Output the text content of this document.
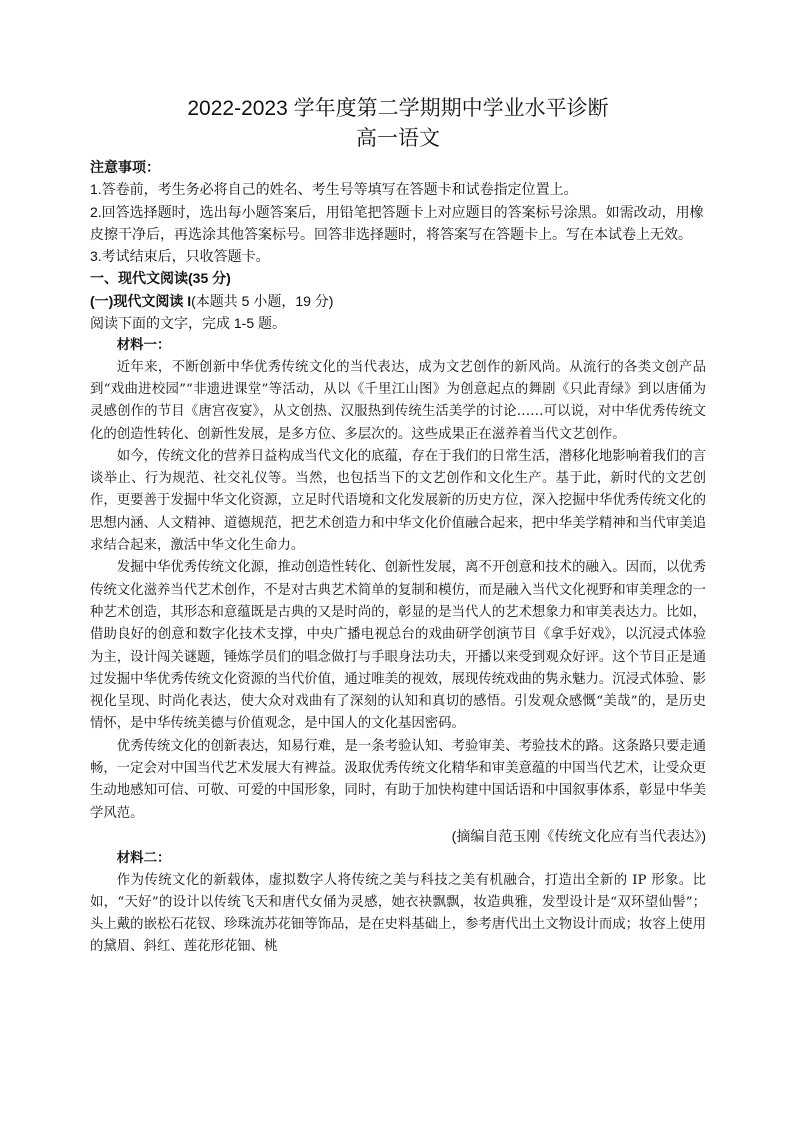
2022-2023 学年度第二学期期中学业水平诊断
高一语文

注意事项：

1.答卷前，考生务必将自己的姓名、考生号等填写在答题卡和试卷指定位置上。

2.回答选择题时，选出每小题答案后，用铅笔把答题卡上对应题目的答案标号涂黑。如需改动，用橡皮擦干净后，再选涂其他答案标号。回答非选择题时，将答案写在答题卡上。写在本试卷上无效。

3.考试结束后，只收答题卡。

一、现代文阅读(35 分)

(一)现代文阅读 I(本题共 5 小题，19 分)

阅读下面的文字，完成 1-5 题。

材料一：

近年来，不断创新中华优秀传统文化的当代表达，成为文艺创作的新风尚。从流行的各类文创产品到“戏曲进校园”“非遗进课堂”等活动，从以《千里江山图》为创意起点的舞剧《只此青绿》到以唐俑为灵感创作的节目《唐宫夜宴》，从文创热、汉服热到传统生活美学的讨论……可以说，对中华优秀传统文化的创造性转化、创新性发展，是多方位、多层次的。这些成果正在滋养着当代文艺创作。

如今，传统文化的营养日益构成当代文化的底蕴，存在于我们的日常生活，潜移化地影响着我们的言谈举止、行为规范、社交礼仪等。当然，也包括当下的文艺创作和文化生产。基于此，新时代的文艺创作，更要善于发掘中华文化资源，立足时代语境和文化发展新的历史方位，深入挖掘中华优秀传统文化的思想内涵、人文精神、道德规范，把艺术创造力和中华文化价值融合起来，把中华美学精神和当代审美追求结合起来，激活中华文化生命力。

发掘中华优秀传统文化源，推动创造性转化、创新性发展，离不开创意和技术的融入。因而，以优秀传统文化滋养当代艺术创作，不是对古典艺术简单的复制和模仿，而是融入当代文化视野和审美理念的一种艺术创造，其形态和意蕴既是古典的又是时尚的，彰显的是当代人的艺术想象力和审美表达力。比如，借助良好的创意和数字化技术支撑，中央广播电视总台的戏曲研学创演节目《拿手好戏》，以沉浸式体验为主，设计闯关谜题，锤炼学员们的唱念做打与手眼身法功夫，开播以来受到观众好评。这个节目正是通过发掘中华优秀传统文化资源的当代价值，通过唯美的视效，展现传统戏曲的隽永魅力。沉浸式体验、影视化呈现、时尚化表达，使大众对戏曲有了深刻的认知和真切的感悟。引发观众感慨“美哉”的，是历史情怀，是中华传统美德与价值观念，是中国人的文化基因密码。

优秀传统文化的创新表达，知易行难，是一条考验认知、考验审美、考验技术的路。这条路只要走通畅，一定会对中国当代艺术发展大有裨益。汲取优秀传统文化精华和审美意蕴的中国当代艺术，让受众更生动地感知可信、可敬、可爱的中国形象，同时，有助于加快构建中国话语和中国叙事体系，彰显中华美学风范。

(摘编自范玉刚《传统文化应有当代表达》)

材料二：

作为传统文化的新载体，虚拟数字人将传统之美与科技之美有机融合，打造出全新的 IP 形象。比如，“天好”的设计以传统飞天和唐代女俑为灵感，她衣袂飘飘，妆造典雅，发型设计是“双环望仙髻”；头上戴的嵌松石花钗、珍珠流苏花钿等饰品，是在史料基础上，参考唐代出土文物设计而成；妆容上使用的黛眉、斜红、莲花形花钿、桃
